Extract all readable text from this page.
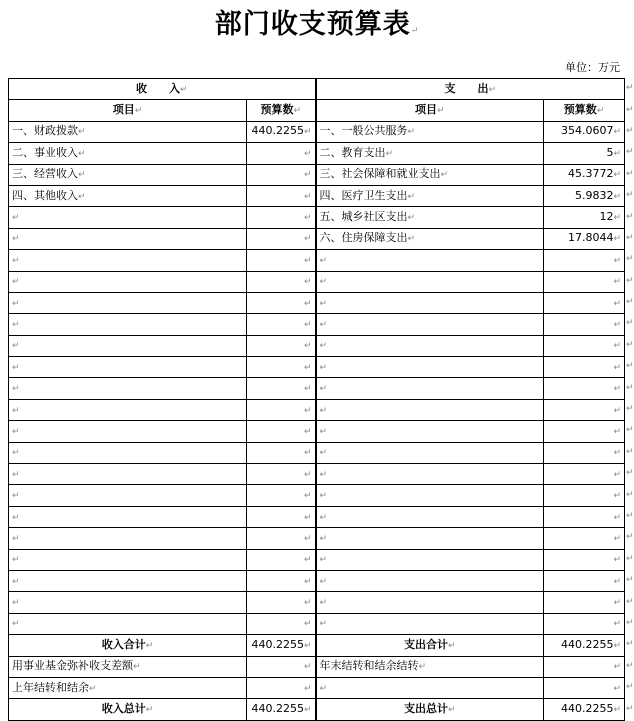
部门收支预算表↵
单位：万元
收　　入↵		支　　出↵	
项目↵	预算数↵	项目↵	预算数↵
一、财政拨款↵	440.2255↵	一、一般公共服务↵	354.0607↵
二、事业收入↵	↵	二、教育支出↵	5↵
三、经营收入↵	↵	三、社会保障和就业支出↵	45.3772↵
四、其他收入↵	↵	四、医疗卫生支出↵	5.9832↵
↵	↵	五、城乡社区支出↵	12↵
↵	↵	六、住房保障支出↵	17.8044↵
↵	↵	↵	↵
↵	↵	↵	↵
↵	↵	↵	↵
↵	↵	↵	↵
↵	↵	↵	↵
↵	↵	↵	↵
↵	↵	↵	↵
↵	↵	↵	↵
↵	↵	↵	↵
↵	↵	↵	↵
↵	↵	↵	↵
↵	↵	↵	↵
↵	↵	↵	↵
↵	↵	↵	↵
↵	↵	↵	↵
↵	↵	↵	↵
↵	↵	↵	↵
↵	↵	↵	↵
收入合计↵	440.2255↵	支出合计↵	440.2255↵
用事业基金弥补收支差额↵	↵	年末结转和结余结转↵	↵
上年结转和结余↵	↵	↵	↵
收入总计↵	440.2255↵	支出总计↵	440.2255↵
↵
↵
↵
↵
↵
↵
↵
↵
↵
↵
↵
↵
↵
↵
↵
↵
↵
↵
↵
↵
↵
↵
↵
↵
↵
↵
↵
↵
↵
↵
